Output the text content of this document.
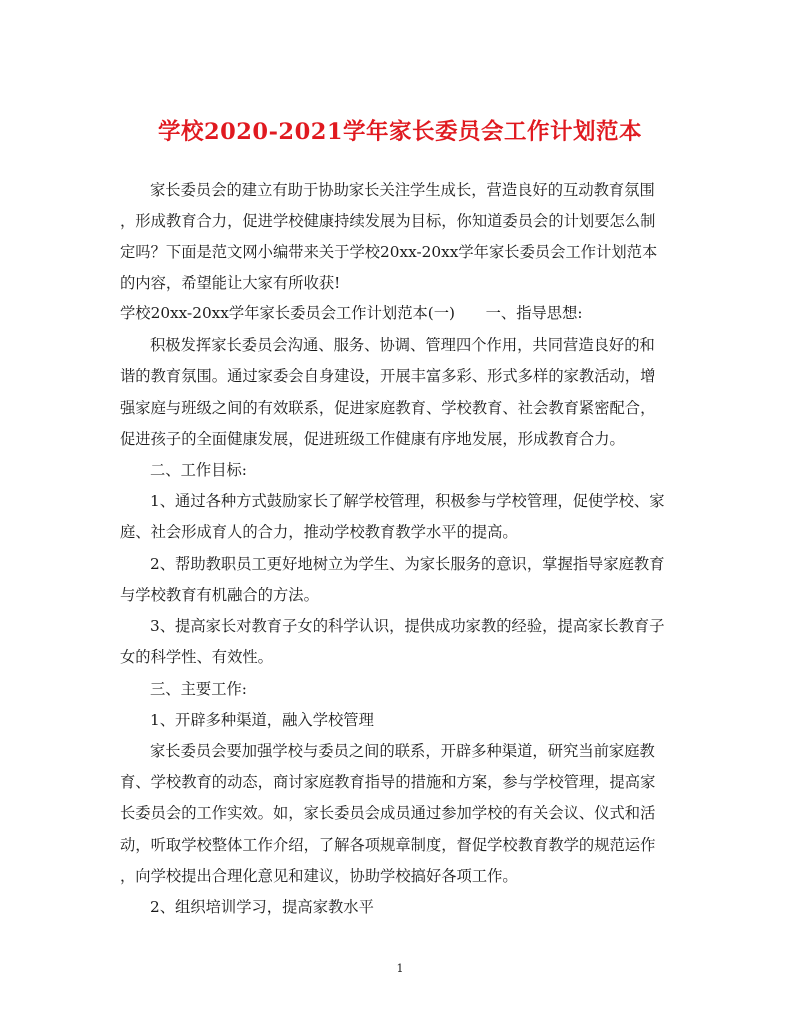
学校2020-2021学年家长委员会工作计划范本
家长委员会的建立有助于协助家长关注学生成长，营造良好的互动教育氛围
，形成教育合力，促进学校健康持续发展为目标，你知道委员会的计划要怎么制
定吗？下面是范文网小编带来关于学校20xx-20xx学年家长委员会工作计划范本
的内容，希望能让大家有所收获!
学校20xx-20xx学年家长委员会工作计划范本(一)　　一、指导思想:
积极发挥家长委员会沟通、服务、协调、管理四个作用，共同营造良好的和
谐的教育氛围。通过家委会自身建设，开展丰富多彩、形式多样的家教活动，增
强家庭与班级之间的有效联系，促进家庭教育、学校教育、社会教育紧密配合，
促进孩子的全面健康发展，促进班级工作健康有序地发展，形成教育合力。
二、工作目标:
1、通过各种方式鼓励家长了解学校管理，积极参与学校管理，促使学校、家
庭、社会形成育人的合力，推动学校教育教学水平的提高。
2、帮助教职员工更好地树立为学生、为家长服务的意识，掌握指导家庭教育
与学校教育有机融合的方法。
3、提高家长对教育子女的科学认识，提供成功家教的经验，提高家长教育子
女的科学性、有效性。
三、主要工作:
1、开辟多种渠道，融入学校管理
家长委员会要加强学校与委员之间的联系，开辟多种渠道，研究当前家庭教
育、学校教育的动态，商讨家庭教育指导的措施和方案，参与学校管理，提高家
长委员会的工作实效。如，家长委员会成员通过参加学校的有关会议、仪式和活
动，听取学校整体工作介绍，了解各项规章制度，督促学校教育教学的规范运作
，向学校提出合理化意见和建议，协助学校搞好各项工作。
2、组织培训学习，提高家教水平
1
